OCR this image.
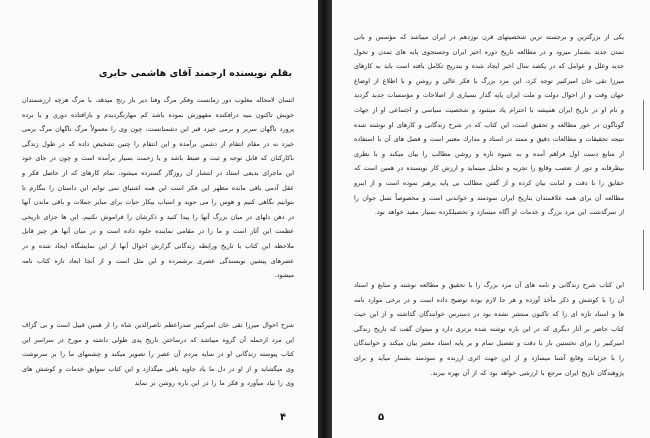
بقلم نويسنده ارجمند آقاى هاشمى حايرى
انسان لامحاله مغلوب دور زمانست وفكر مرگ وفنا دير باز رنج ميدهد، با مرگ هرچه ارزشمندان خويش تاكنون بنيه درافكنده مقهورش نموده باشد كم مهارنگرديدم و بازافتاده دوري و يا برده پرورد ناگهان سربر و برمى خيزد قبر اين دشمنانست، چون وى را معمولاً مرگ ناگهان مرگ برمى خيزد نه در مقام انتقام از دشمن برآمده و اين انتقام را چنين تشخيص داده كه در طول زندگى باكاركنان كه قابل توجه و ثبت و ضبط باشد و با زحمت بسيار برآمده است و چون در جاى خود اين ماجراى بديعى استاد در انتشار آن روزگار گسترده ميشود، تمام كارهاى كه از حاصل فكر و عقل آدمى باقى مانده مظهر اين فكر است اين همه اشتياق نمى توانم اين داستان را بنگارم تا بتوانيم نگاهى كنيم و هوس را مى جويد و اسباب بيكار حيات براى ساير جملات و باقى ماندن آنها در ذهن دلهاى در ميان بزرگ آنها را پيدا كنيد و ذكرشان را فراموش نكنيم، اين ها جزاى تاريخى عظمت اين آثار است و ما را در مقامى نماينده جلوه داده است و در ميان آنها هر چيز قابل ملاحظه اين كتاب با تاريخ ورابطه زندگانى گزارش احوال آنها از اين نمايشگاه ايجاد شده و در عصرهاى پيشين نويسندگى عصرى برشمرده و اين مثل است و از آنجا ابعاد تازه كتاب نامه ميشود.
شرح احوال ميرزا تقى خان اميركبير صدراعظم ناصرالدين شاه را از همين قبيل است و بى گزاف اين مرد ازجمله آن گروه ميباشد كه درساختن تاريخ پدى طولى داشته و مورخ در سراسر اين كتاب پيوسته زندگانى او در سايه مردم آن عصر را تصوير ميكند و چشمهاى ما را بر سرنوشت وى ميگشايد و از او در دل ما ياد جاويد باقى ميگذارد و اين كتاب سوابق خدمات و كوشش هاى وى را بياد ميآورد و فكر ما را در اين باره روشن تر نمايد
۴
يكى از بزرگترين و برجسته ترين شخصيتهاى قرن نوزدهم در ايران ميباشد كه مؤسس و بانى تمدن جديد بشمار ميرود و در مطالعه تاريخ دوره اخير ايران وجستجوى پايه هاى تمدن و تحول جديد وعلل و عوامل كه در يكصد سال اخير ايجاد شده و بتدريج تكامل يافته است بايد به كارهاى ميرزا تقى خان اميركبير توجه كرد، اين مرد بزرگ با فكر عالى و روشن و با اطلاع از اوضاع جهان وقت و از احوال دولت و ملت ايران پايه گذار بسيارى از اصلاحات و مؤسسات جديد گرديد و نام او در تاريخ ايران هميشه با احترام ياد ميشود و شخصيت سياسى و اجتماعى او از جهات گوناگون در خور مطالعه و تحقيق است، اين كتاب كه در شرح زندگانى و كارهاى او نوشته شده نتيجه تحقيقات و مطالعات دقيق و ممتد در اسناد و مدارك معتبر است و فصل هاى آن با استفاده از منابع دست اول فراهم آمده و به شيوه تازه و روشن مطالب را بيان ميكند و با نظرى بيطرفانه و دور از تعصب وقايع را تجزيه و تحليل مينمايد و ارزش كار نويسنده در همين است كه حقايق را با دقت و امانت بيان كرده و از گفتن مطالب بى پايه پرهيز نموده است و از اينرو مطالعه آن براى همه علاقمندان بتاريخ ايران سودمند و خواندنى است و مخصوصاً نسل جوان را از سرگذشت اين مرد بزرگ و خدمات او آگاه ميسازد و تحصيلكرده بسيار مفيد خواهد بود.
اين كتاب شرح زندگانى و نامه هاى آن مرد بزرگ را با تحقيق و مطالعه نوشته و منابع و اسناد آن را با كوشش و ذكر مأخذ آورده و هر جا لازم بوده توضيح داده است و در برخى موارد نامه ها و اسناد تازه اى را كه تاكنون منتشر نشده بود در دسترس خوانندگان گذاشته و از اين حيث كتاب حاضر بر آثار ديگرى كه در اين باره نوشته شده برترى دارد و ميتوان گفت كه تاريخ زندگى اميركبير را براى نخستين بار با دقت و تفصيل تمام و بر پايه اسناد معتبر بيان ميكند و خوانندگان را با جزئيات وقايع آشنا ميسازد و از اين جهت اثرى ارزنده و سودمند بشمار ميآيد و براى پژوهندگان تاريخ ايران مرجع با ارزشى خواهد بود كه از آن بهره ببرند.
۵
